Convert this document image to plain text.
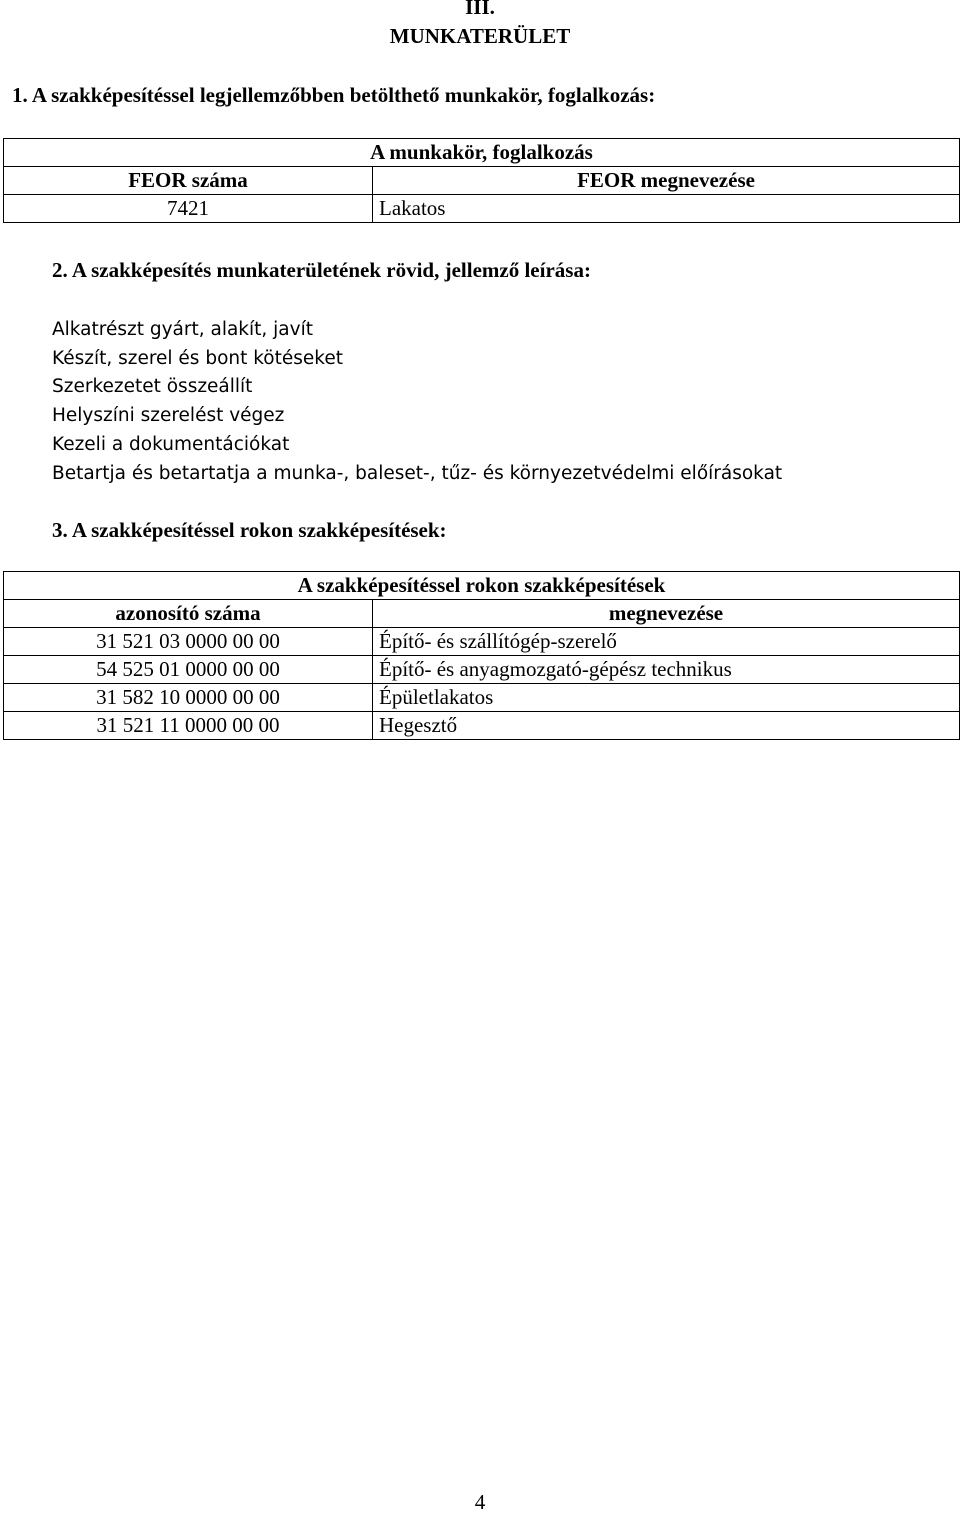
III.
MUNKATERÜLET
1. A szakképesítéssel legjellemzőbben betölthető munkakör, foglalkozás:
A munkakör, foglalkozás	
FEOR száma	FEOR megnevezése
7421	Lakatos
2. A szakképesítés munkaterületének rövid, jellemző leírása:
Alkatrészt gyárt, alakít, javít
Készít, szerel és bont kötéseket
Szerkezetet összeállít
Helyszíni szerelést végez
Kezeli a dokumentációkat
Betartja és betartatja a munka-, baleset-, tűz- és környezetvédelmi előírásokat
3. A szakképesítéssel rokon szakképesítések:
A szakképesítéssel rokon szakképesítések	
azonosító száma	megnevezése
31 521 03 0000 00 00	Építő- és szállítógép-szerelő
54 525 01 0000 00 00	Építő- és anyagmozgató-gépész technikus
31 582 10 0000 00 00	Épületlakatos
31 521 11 0000 00 00	Hegesztő
4
